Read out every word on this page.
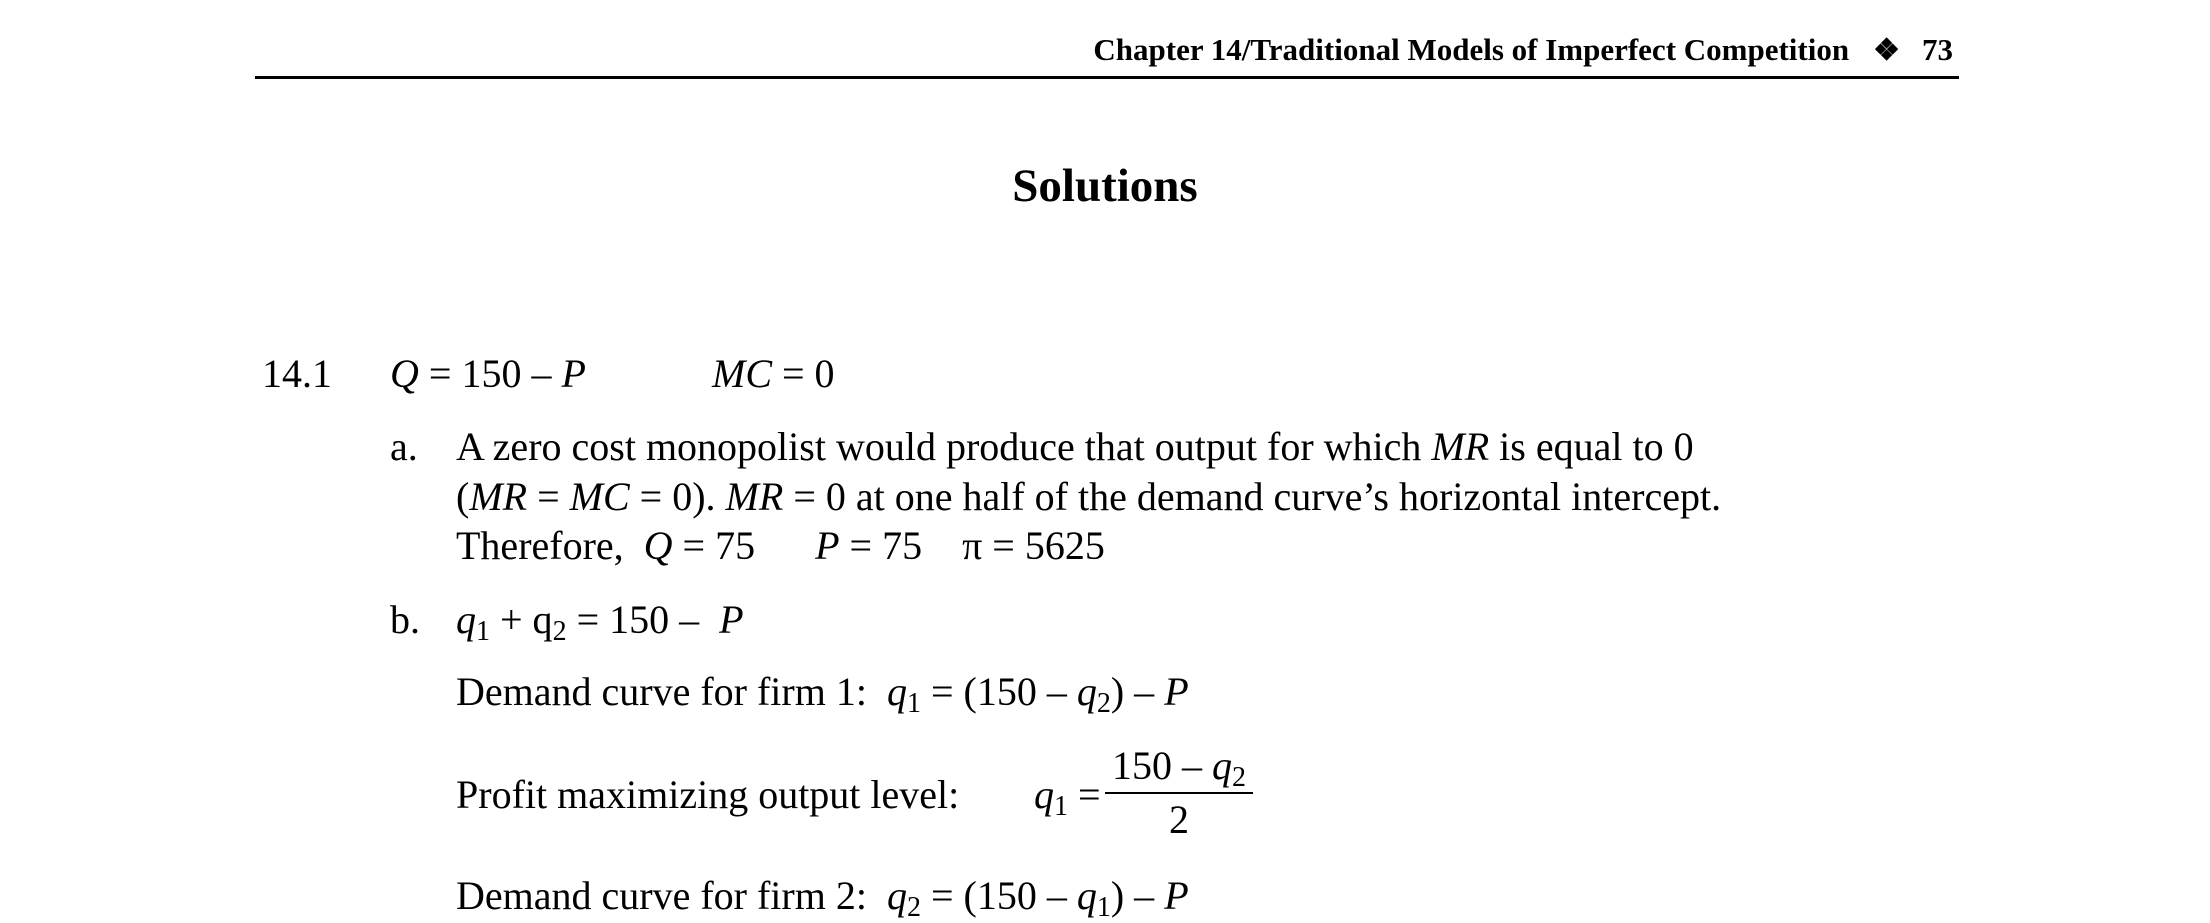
Chapter 14/Traditional Models of Imperfect Competition ❖ 73
Solutions
14.1 Q = 150 – P	MC = 0
a. A zero cost monopolist would produce that output for which MR is equal to 0
(MR = MC = 0). MR = 0 at one half of the demand curve’s horizontal intercept.
Therefore, Q = 75      P = 75    π = 5625
b. $q_1 + q_2 = 150 - P$
Demand curve for firm 1: $q_1 = (150 - q_2) - P$
Profit maximizing output level: $q_1$ =
$150 - q_2$
2
Demand curve for firm 2: $q_2 = (150 - q_1) - P$
